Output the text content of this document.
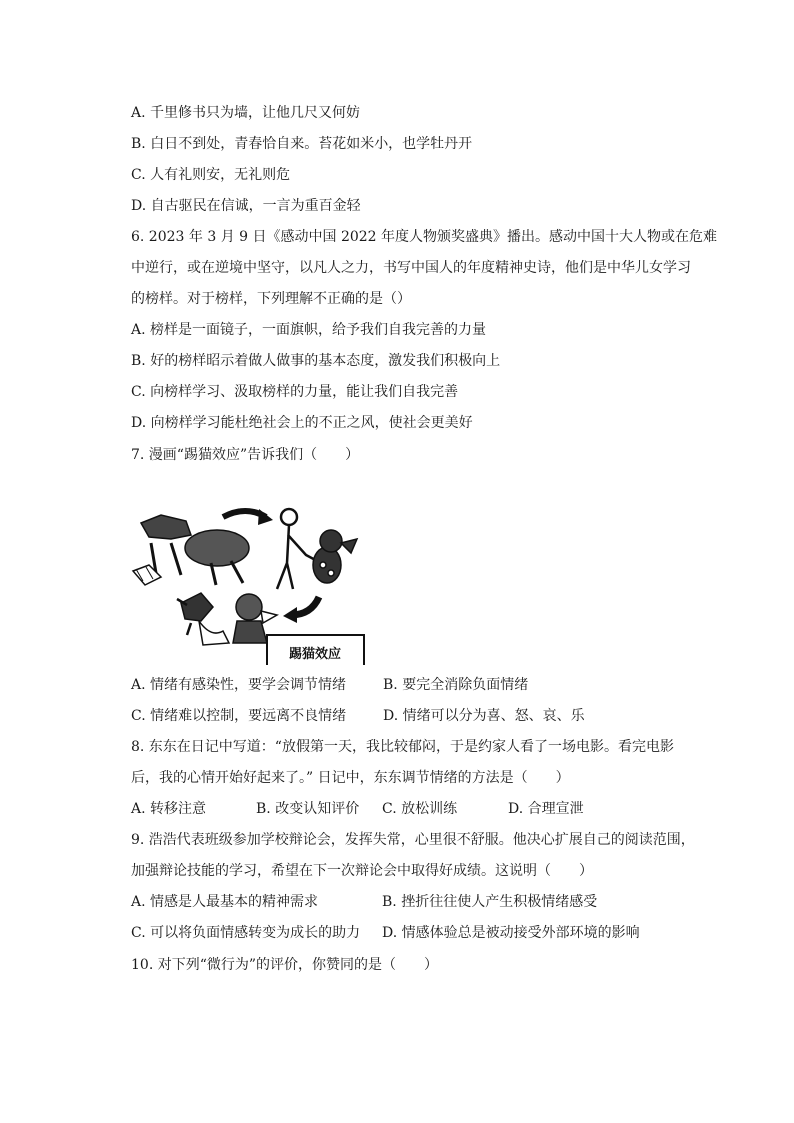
A. 千里修书只为墙，让他几尺又何妨
B. 白日不到处，青春恰自来。苔花如米小，也学牡丹开
C. 人有礼则安，无礼则危
D. 自古驱民在信诚，一言为重百金轻
6. 2023 年 3 月 9 日《感动中国 2022 年度人物颁奖盛典》播出。感动中国十大人物或在危难
中逆行，或在逆境中坚守，以凡人之力，书写中国人的年度精神史诗，他们是中华儿女学习
的榜样。对于榜样，下列理解不正确的是（）
A. 榜样是一面镜子，一面旗帜，给予我们自我完善的力量
B. 好的榜样昭示着做人做事的基本态度，激发我们积极向上
C. 向榜样学习、汲取榜样的力量，能让我们自我完善
D. 向榜样学习能杜绝社会上的不正之风，使社会更美好
7. 漫画“踢猫效应”告诉我们（　　）
踢猫效应
A. 情绪有感染性，要学会调节情绪	B. 要完全消除负面情绪
C. 情绪难以控制，要远离不良情绪	D. 情绪可以分为喜、怒、哀、乐
8. 东东在日记中写道：“放假第一天，我比较郁闷，于是约家人看了一场电影。看完电影
后，我的心情开始好起来了。” 日记中，东东调节情绪的方法是（　　）
A. 转移注意	B. 改变认知评价 C. 放松训练	D. 合理宣泄
9. 浩浩代表班级参加学校辩论会，发挥失常，心里很不舒服。他决心扩展自己的阅读范围，
加强辩论技能的学习，希望在下一次辩论会中取得好成绩。这说明（　　）
A. 情感是人最基本的精神需求	B. 挫折往往使人产生积极情绪感受
C. 可以将负面情感转变为成长的助力 D. 情感体验总是被动接受外部环境的影响
10. 对下列“微行为”的评价，你赞同的是（　　）
